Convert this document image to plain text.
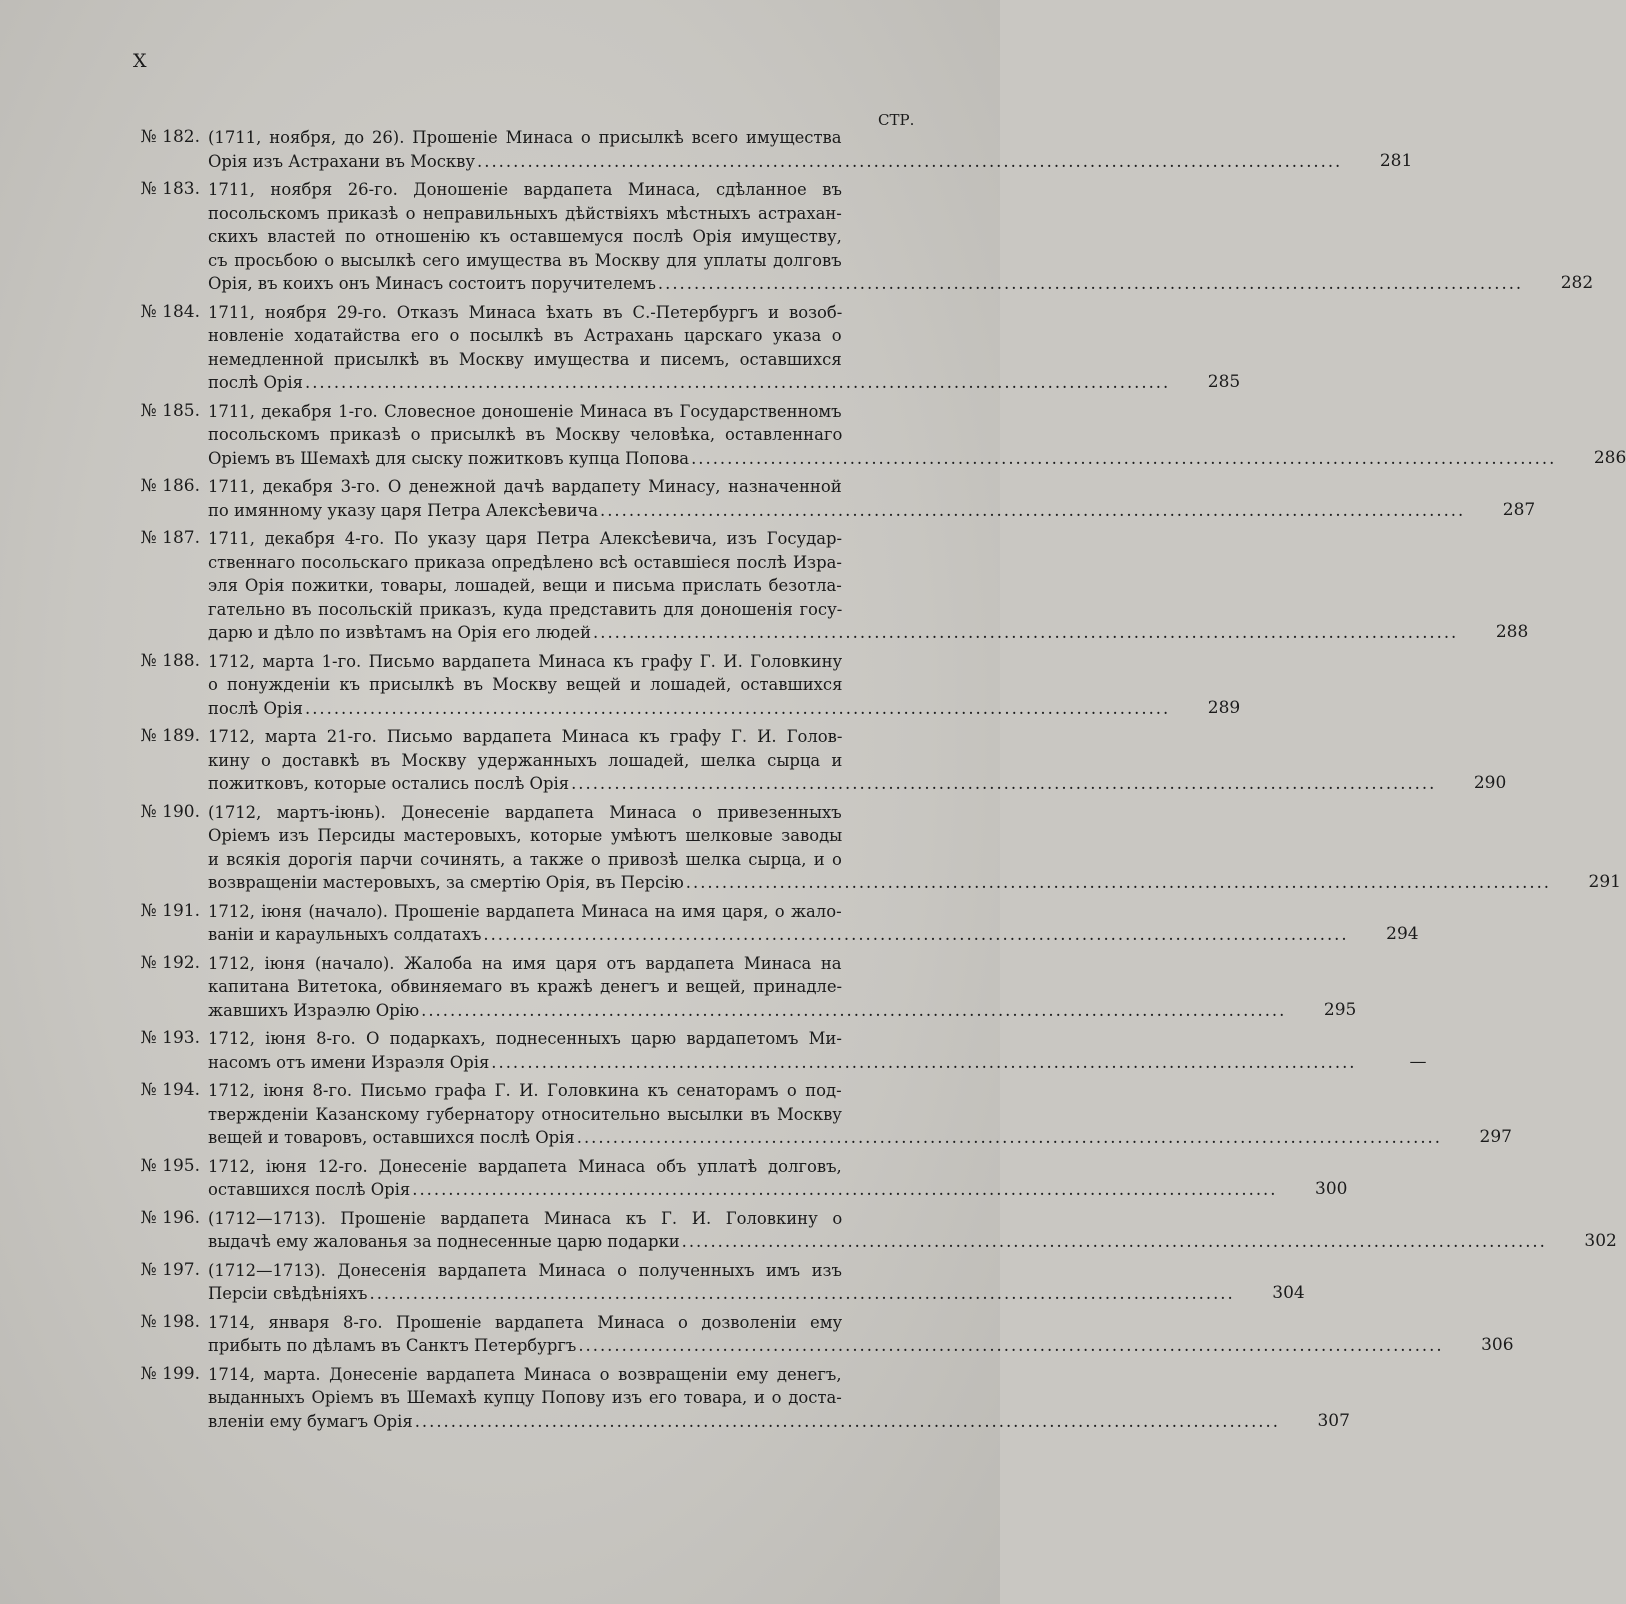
X
СТР.
№ 182. (1711, ноября, до 26). Прошеніе Минаса о присылкѣ всего имущества
Орія изъ Астрахани въ Москву ........................................................................................................................	281
№ 183. 1711, ноября 26-го. Доношеніе вардапета Минаса, сдѣланное въ
посольскомъ приказѣ о неправильныхъ дѣйствіяхъ мѣстныхъ астрахан-
скихъ властей по отношенію къ оставшемуся послѣ Орія имуществу,
съ просьбою о высылкѣ сего имущества въ Москву для уплаты долговъ
Орія, въ коихъ онъ Минасъ состоитъ поручителемъ ........................................................................................................................	282
№ 184. 1711, ноября 29-го. Отказъ Минаса ѣхать въ С.-Петербургъ и возоб-
новленіе ходатайства его о посылкѣ въ Астрахань царскаго указа о
немедленной присылкѣ въ Москву имущества и писемъ, оставшихся
послѣ Орія ........................................................................................................................	285
№ 185. 1711, декабря 1-го. Словесное доношеніе Минаса въ Государственномъ
посольскомъ приказѣ о присылкѣ въ Москву человѣка, оставленнаго
Оріемъ въ Шемахѣ для сыску пожитковъ купца Попова ........................................................................................................................	286
№ 186. 1711, декабря 3-го. О денежной дачѣ вардапету Минасу, назначенной
по имянному указу царя Петра Алексѣевича ........................................................................................................................	287
№ 187. 1711, декабря 4-го. По указу царя Петра Алексѣевича, изъ Государ-
ственнаго посольскаго приказа опредѣлено всѣ оставшіеся послѣ Изра-
эля Орія пожитки, товары, лошадей, вещи и письма прислать безотла-
гательно въ посольскій приказъ, куда представить для доношенія госу-
дарю и дѣло по извѣтамъ на Орія его людей ........................................................................................................................	288
№ 188. 1712, марта 1-го. Письмо вардапета Минаса къ графу Г. И. Головкину
о понужденіи къ присылкѣ въ Москву вещей и лошадей, оставшихся
послѣ Орія ........................................................................................................................	289
№ 189. 1712, марта 21-го. Письмо вардапета Минаса къ графу Г. И. Голов-
кину о доставкѣ въ Москву удержанныхъ лошадей, шелка сырца и
пожитковъ, которые остались послѣ Орія ........................................................................................................................	290
№ 190. (1712, мартъ-іюнь). Донесеніе вардапета Минаса о привезенныхъ
Оріемъ изъ Персиды мастеровыхъ, которые умѣютъ шелковые заводы
и всякія дорогія парчи сочинять, а также о привозѣ шелка сырца, и о
возвращеніи мастеровыхъ, за смертію Орія, въ Персію ........................................................................................................................	291
№ 191. 1712, іюня (начало). Прошеніе вардапета Минаса на имя царя, о жало-
ваніи и караульныхъ солдатахъ ........................................................................................................................	294
№ 192. 1712, іюня (начало). Жалоба на имя царя отъ вардапета Минаса на
капитана Витетока, обвиняемаго въ кражѣ денегъ и вещей, принадле-
жавшихъ Израэлю Орію ........................................................................................................................	295
№ 193. 1712, іюня 8-го. О подаркахъ, поднесенныхъ царю вардапетомъ Ми-
насомъ отъ имени Израэля Орія ........................................................................................................................	—
№ 194. 1712, іюня 8-го. Письмо графа Г. И. Головкина къ сенаторамъ о под-
твержденіи Казанскому губернатору относительно высылки въ Москву
вещей и товаровъ, оставшихся послѣ Орія ........................................................................................................................	297
№ 195. 1712, іюня 12-го. Донесеніе вардапета Минаса объ уплатѣ долговъ,
оставшихся послѣ Орія ........................................................................................................................	300
№ 196. (1712—1713). Прошеніе вардапета Минаса къ Г. И. Головкину о
выдачѣ ему жалованья за поднесенные царю подарки ........................................................................................................................	302
№ 197. (1712—1713). Донесенія вардапета Минаса о полученныхъ имъ изъ
Персіи свѣдѣніяхъ ........................................................................................................................	304
№ 198. 1714, января 8-го. Прошеніе вардапета Минаса о дозволеніи ему
прибыть по дѣламъ въ Санктъ Петербургъ ........................................................................................................................	306
№ 199. 1714, марта. Донесеніе вардапета Минаса о возвращеніи ему денегъ,
выданныхъ Оріемъ въ Шемахѣ купцу Попову изъ его товара, и о доста-
вленіи ему бумагъ Орія ........................................................................................................................	307
